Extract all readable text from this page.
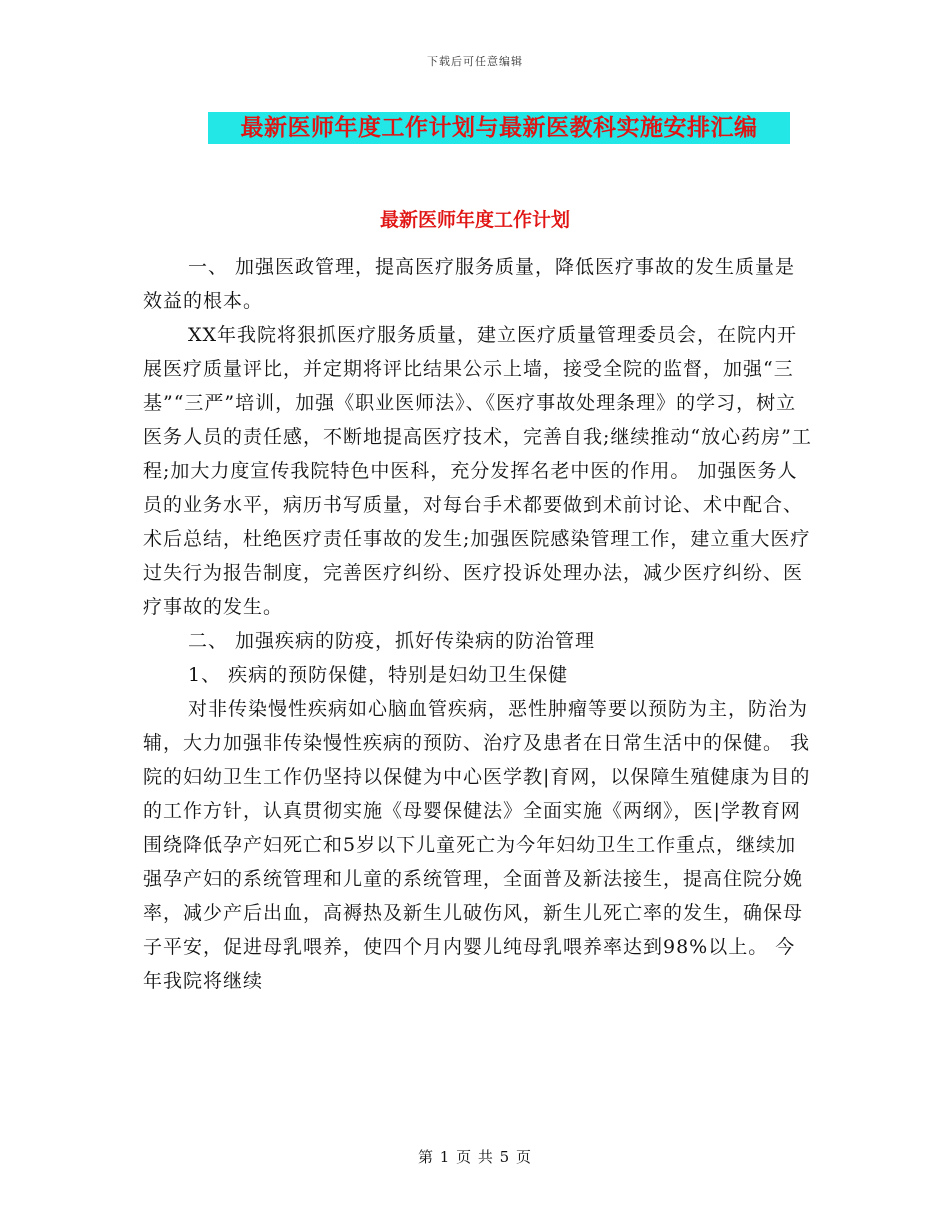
下载后可任意编辑
最新医师年度工作计划与最新医教科实施安排汇编
最新医师年度工作计划

一、 加强医政管理，提高医疗服务质量，降低医疗事故的发生质量是效益的根本。

XX年我院将狠抓医疗服务质量，建立医疗质量管理委员会，在院内开展医疗质量评比，并定期将评比结果公示上墙，接受全院的监督，加强“三基”“三严”培训，加强《职业医师法》、《医疗事故处理条理》的学习，树立医务人员的责任感，不断地提高医疗技术，完善自我;继续推动“放心药房”工程;加大力度宣传我院特色中医科，充分发挥名老中医的作用。 加强医务人员的业务水平，病历书写质量，对每台手术都要做到术前讨论、术中配合、术后总结，杜绝医疗责任事故的发生;加强医院感染管理工作，建立重大医疗过失行为报告制度，完善医疗纠纷、医疗投诉处理办法，减少医疗纠纷、医疗事故的发生。

二、 加强疾病的防疫，抓好传染病的防治管理

1、 疾病的预防保健，特别是妇幼卫生保健

对非传染慢性疾病如心脑血管疾病，恶性肿瘤等要以预防为主，防治为辅，大力加强非传染慢性疾病的预防、治疗及患者在日常生活中的保健。 我院的妇幼卫生工作仍坚持以保健为中心医学教|育网，以保障生殖健康为目的的工作方针，认真贯彻实施《母婴保健法》全面实施《两纲》，医|学教育网围绕降低孕产妇死亡和5岁以下儿童死亡为今年妇幼卫生工作重点，继续加强孕产妇的系统管理和儿童的系统管理，全面普及新法接生，提高住院分娩率，减少产后出血，高褥热及新生儿破伤风，新生儿死亡率的发生，确保母子平安，促进母乳喂养，使四个月内婴儿纯母乳喂养率达到98%以上。 今年我院将继续

第 1 页 共 5 页
